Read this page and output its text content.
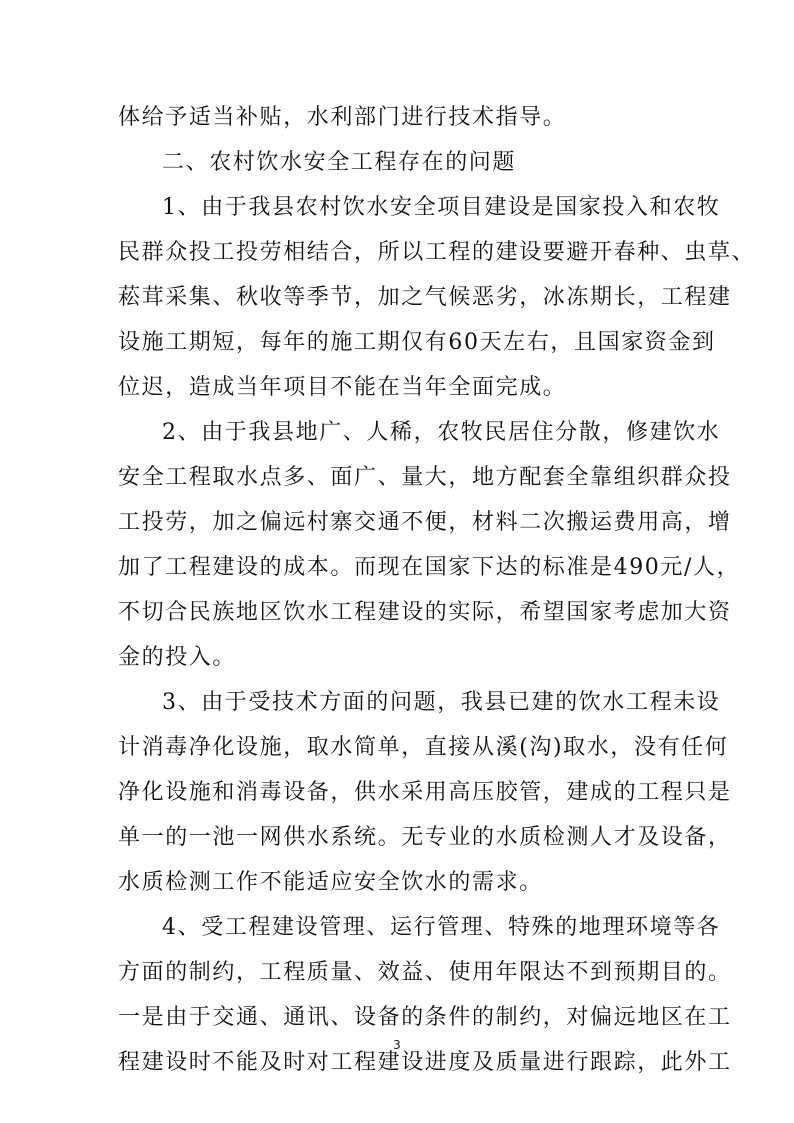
体给予适当补贴，水利部门进行技术指导。
二、农村饮水安全工程存在的问题
1、由于我县农村饮水安全项目建设是国家投入和农牧
民群众投工投劳相结合，所以工程的建设要避开春种、虫草、
菘茸采集、秋收等季节，加之气候恶劣，冰冻期长，工程建
设施工期短，每年的施工期仅有60天左右，且国家资金到
位迟，造成当年项目不能在当年全面完成。
2、由于我县地广、人稀，农牧民居住分散，修建饮水
安全工程取水点多、面广、量大，地方配套全靠组织群众投
工投劳，加之偏远村寨交通不便，材料二次搬运费用高，增
加了工程建设的成本。而现在国家下达的标准是490元/人，
不切合民族地区饮水工程建设的实际，希望国家考虑加大资
金的投入。
3、由于受技术方面的问题，我县已建的饮水工程未设
计消毒净化设施，取水简单，直接从溪(沟)取水，没有任何
净化设施和消毒设备，供水采用高压胶管，建成的工程只是
单一的一池一网供水系统。无专业的水质检测人才及设备，
水质检测工作不能适应安全饮水的需求。
4、受工程建设管理、运行管理、特殊的地理环境等各
方面的制约，工程质量、效益、使用年限达不到预期目的。
一是由于交通、通讯、设备的条件的制约，对偏远地区在工
程建设时不能及时对工程建设进度及质量进行跟踪，此外工
3
